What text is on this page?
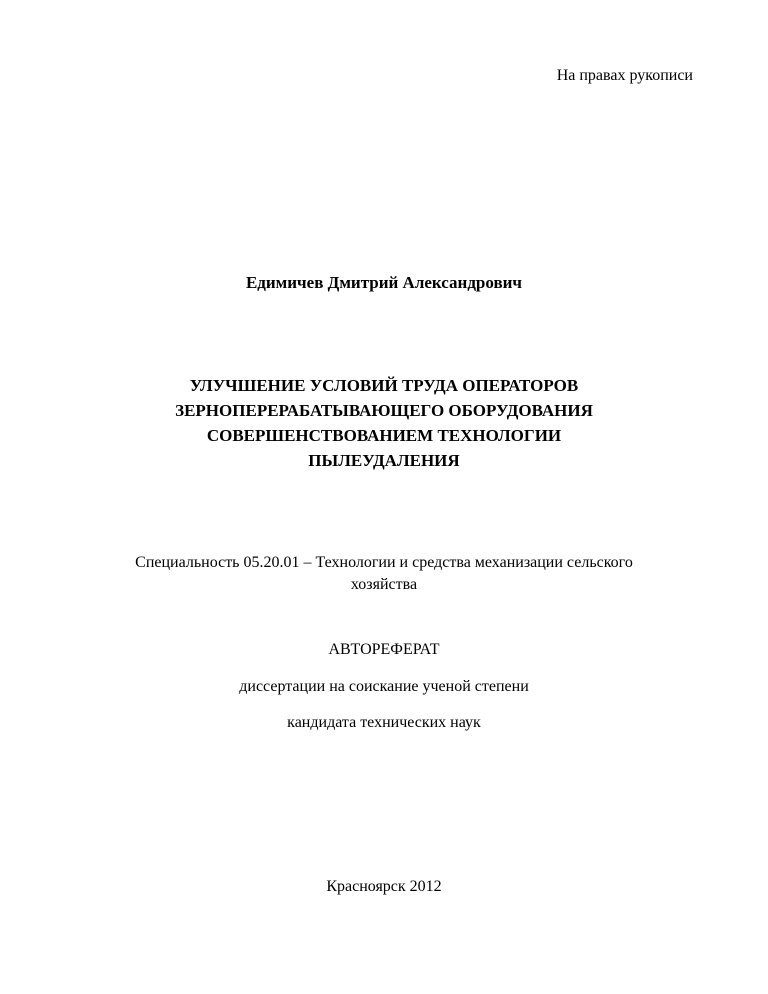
На правах рукописи
Едимичев Дмитрий Александрович
УЛУЧШЕНИЕ УСЛОВИЙ ТРУДА ОПЕРАТОРОВ
ЗЕРНОПЕРЕРАБАТЫВАЮЩЕГО ОБОРУДОВАНИЯ
СОВЕРШЕНСТВОВАНИЕМ ТЕХНОЛОГИИ
ПЫЛЕУДАЛЕНИЯ
Специальность 05.20.01 – Технологии и средства механизации сельского
хозяйства
АВТОРЕФЕРАТ
диссертации на соискание ученой степени
кандидата технических наук
Красноярск 2012
